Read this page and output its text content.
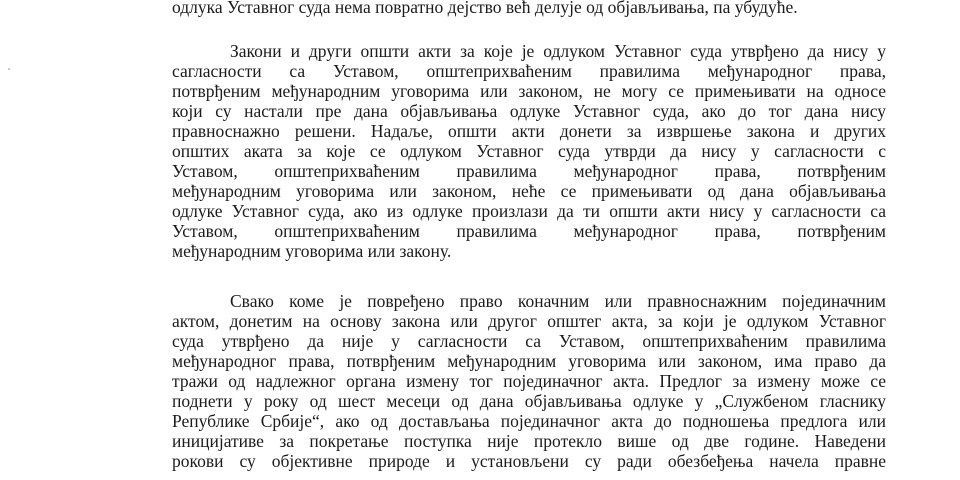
одлука Уставног суда нема повратно дејство већ делује од објављивања, па убудуће.
Закони и други општи акти за које је одлуком Уставног суда утврђено да нису у
сагласности са Уставом, општеприхваћеним правилима међународног права,
потврђеним међународним уговорима или законом, не могу се примењивати на односе
који су настали пре дана објављивања одлуке Уставног суда, ако до тог дана нису
правноснажно решени. Надаље, општи акти донети за извршење закона и других
општих аката за које се одлуком Уставног суда утврди да нису у сагласности с
Уставом, општеприхваћеним правилима међународног права, потврђеним
међународним уговорима или законом, неће се примењивати од дана објављивања
одлуке Уставног суда, ако из одлуке произлази да ти општи акти нису у сагласности са
Уставом, општеприхваћеним правилима међународног права, потврђеним
међународним уговорима или закону.
Свако коме је повређено право коначним или правноснажним појединачним
актом, донетим на основу закона или другог општег акта, за који је одлуком Уставног
суда утврђено да није у сагласности са Уставом, општеприхваћеним правилима
међународног права, потврђеним међународним уговорима или законом, има право да
тражи од надлежног органа измену тог појединачног акта. Предлог за измену може се
поднети у року од шест месеци од дана објављивања одлуке у „Службеном гласнику
Републике Србије“, ако од достављања појединачног акта до подношења предлога или
иницијативе за покретање поступка није протекло више од две године. Наведени
рокови су објективне природе и установљени су ради обезбеђења начела правне
